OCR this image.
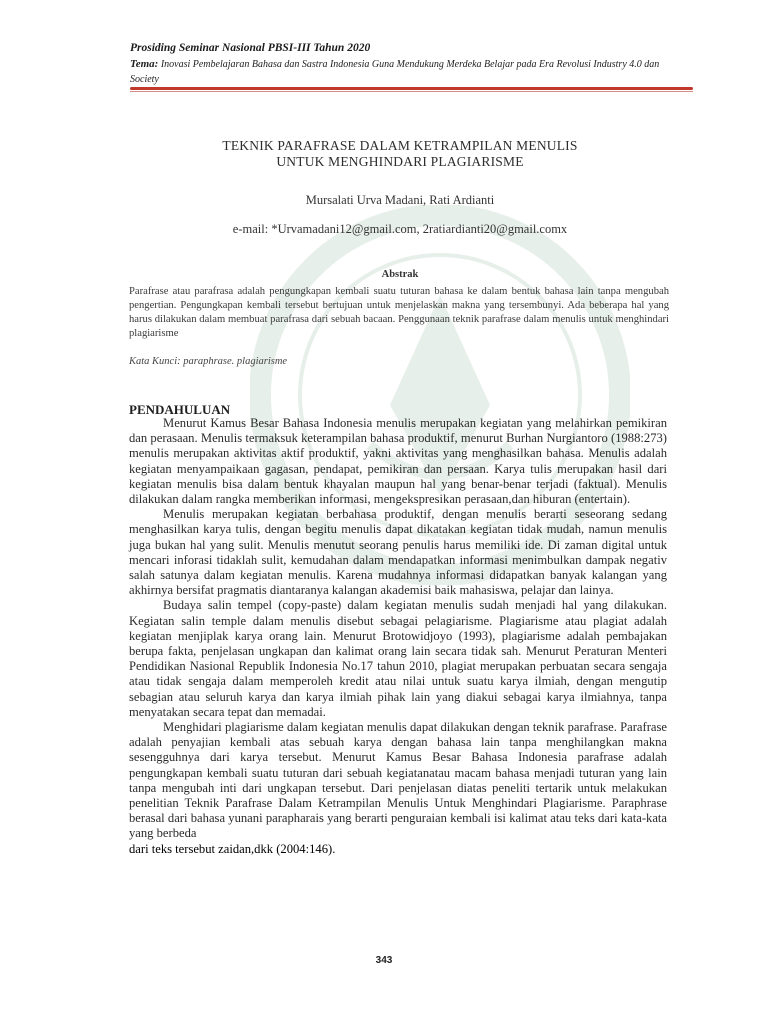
Prosiding Seminar Nasional PBSI-III Tahun 2020
Tema: Inovasi Pembelajaran Bahasa dan Sastra Indonesia Guna Mendukung Merdeka Belajar pada Era Revolusi Industry 4.0 dan Society
TEKNIK PARAFRASE DALAM KETRAMPILAN MENULIS
UNTUK MENGHINDARI PLAGIARISME
Mursalati Urva Madani, Rati Ardianti
e-mail: *Urvamadani12@gmail.com, 2ratiardianti20@gmail.comx
Abstrak
Parafrase atau parafrasa adalah pengungkapan kembali suatu tuturan bahasa ke dalam bentuk bahasa lain tanpa mengubah pengertian. Pengungkapan kembali tersebut bertujuan untuk menjelaskan makna yang tersembunyi. Ada beberapa hal yang harus dilakukan dalam membuat parafrasa dari sebuah bacaan. Penggunaan teknik parafrase dalam menulis untuk menghindari plagiarisme
Kata Kunci: paraphrase. plagiarisme
PENDAHULUAN

Menurut Kamus Besar Bahasa Indonesia menulis merupakan kegiatan yang melahirkan pemikiran dan perasaan. Menulis termaksuk keterampilan bahasa produktif, menurut Burhan Nurgiantoro (1988:273) menulis merupakan aktivitas aktif produktif, yakni aktivitas yang menghasilkan bahasa. Menulis adalah kegiatan menyampaikaan gagasan, pendapat, pemikiran dan persaan. Karya tulis merupakan hasil dari kegiatan menulis bisa dalam bentuk khayalan maupun hal yang benar-benar terjadi (faktual). Menulis dilakukan dalam rangka memberikan informasi, mengekspresikan perasaan,dan hiburan (entertain).

Menulis merupakan kegiatan berbahasa produktif, dengan menulis berarti seseorang sedang menghasilkan karya tulis, dengan begitu menulis dapat dikatakan kegiatan tidak mudah, namun menulis juga bukan hal yang sulit. Menulis menutut seorang penulis harus memiliki ide. Di zaman digital untuk mencari inforasi tidaklah sulit, kemudahan dalam mendapatkan informasi menimbulkan dampak negativ salah satunya dalam kegiatan menulis. Karena mudahnya informasi didapatkan banyak kalangan yang akhirnya bersifat pragmatis diantaranya kalangan akademisi baik mahasiswa, pelajar dan lainya.

Budaya salin tempel (copy-paste) dalam kegiatan menulis sudah menjadi hal yang dilakukan. Kegiatan salin temple dalam menulis disebut sebagai pelagiarisme. Plagiarisme atau plagiat adalah kegiatan menjiplak karya orang lain. Menurut Brotowidjoyo (1993), plagiarisme adalah pembajakan berupa fakta, penjelasan ungkapan dan kalimat orang lain secara tidak sah. Menurut Peraturan Menteri Pendidikan Nasional Republik Indonesia No.17 tahun 2010, plagiat merupakan perbuatan secara sengaja atau tidak sengaja dalam memperoleh kredit atau nilai untuk suatu karya ilmiah, dengan mengutip sebagian atau seluruh karya dan karya ilmiah pihak lain yang diakui sebagai karya ilmiahnya, tanpa menyatakan secara tepat dan memadai.

Menghidari plagiarisme dalam kegiatan menulis dapat dilakukan dengan teknik parafrase. Parafrase adalah penyajian kembali atas sebuah karya dengan bahasa lain tanpa menghilangkan makna sesengguhnya dari karya tersebut. Menurut Kamus Besar Bahasa Indonesia parafrase adalah pengungkapan kembali suatu tuturan dari sebuah kegiatanatau macam bahasa menjadi tuturan yang lain tanpa mengubah inti dari ungkapan tersebut. Dari penjelasan diatas peneliti tertarik untuk melakukan penelitian Teknik Parafrase Dalam Ketrampilan Menulis Untuk Menghindari Plagiarisme. Paraphrase berasal dari bahasa yunani parapharais yang berarti penguraian kembali isi kalimat atau teks dari kata-kata yang berbeda
dari teks tersebut zaidan,dkk (2004:146).

343
